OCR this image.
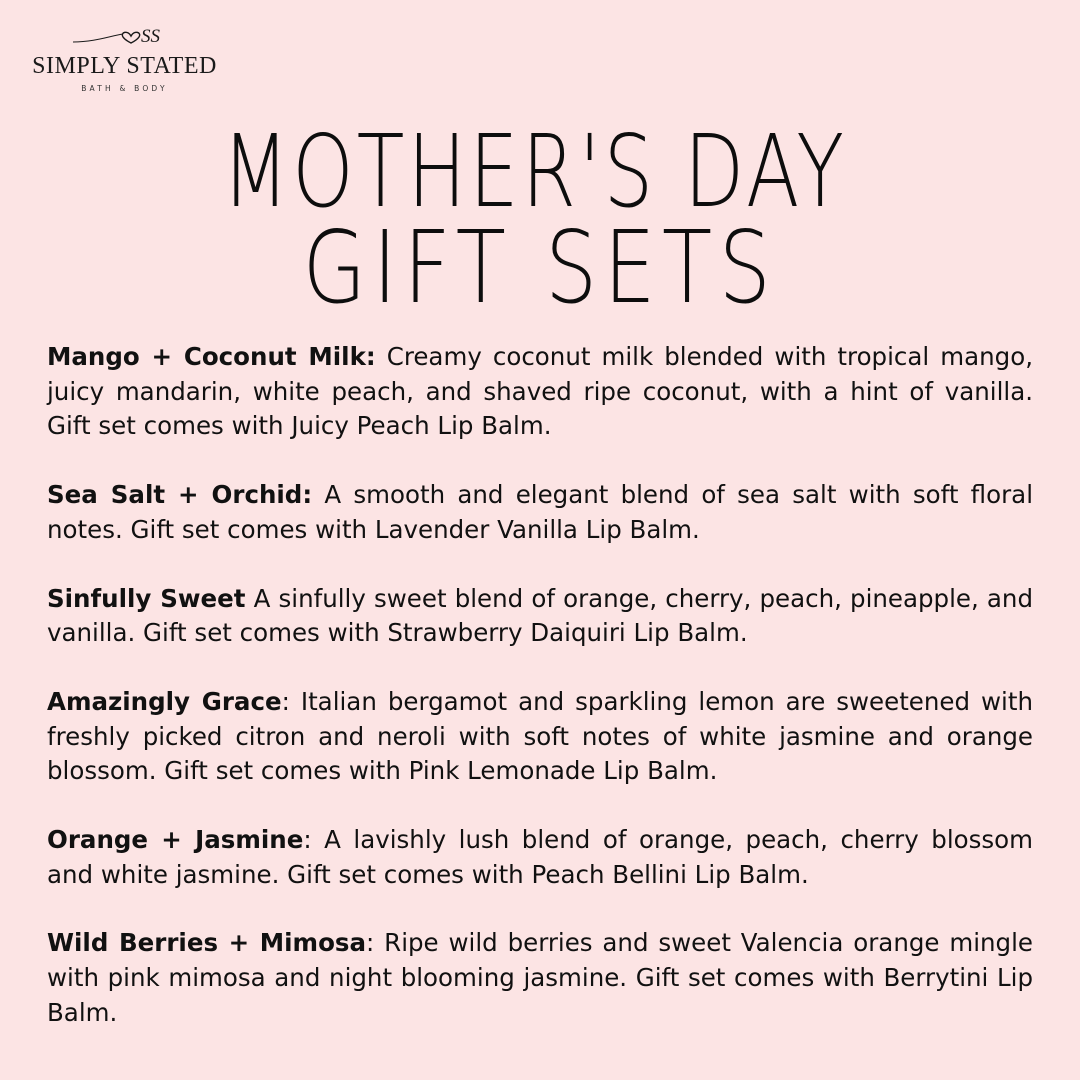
SS
SIMPLY STATED
BATH & BODY
MOTHER'S DAY
GIFT SETS

Mango + Coconut Milk: Creamy coconut milk blended with tropical mango, juicy mandarin, white peach, and shaved ripe coconut, with a hint of vanilla. Gift set comes with Juicy Peach Lip Balm.

Sea Salt + Orchid: A smooth and elegant blend of sea salt with soft floral notes. Gift set comes with Lavender Vanilla Lip Balm.

Sinfully Sweet A sinfully sweet blend of orange, cherry, peach, pineapple, and vanilla. Gift set comes with Strawberry Daiquiri Lip Balm.

Amazingly Grace: Italian bergamot and sparkling lemon are sweetened with freshly picked citron and neroli with soft notes of white jasmine and orange blossom. Gift set comes with Pink Lemonade Lip Balm.

Orange + Jasmine: A lavishly lush blend of orange, peach, cherry blossom and white jasmine. Gift set comes with Peach Bellini Lip Balm.

Wild Berries + Mimosa: Ripe wild berries and sweet Valencia orange mingle with pink mimosa and night blooming jasmine. Gift set comes with Berrytini Lip Balm.
